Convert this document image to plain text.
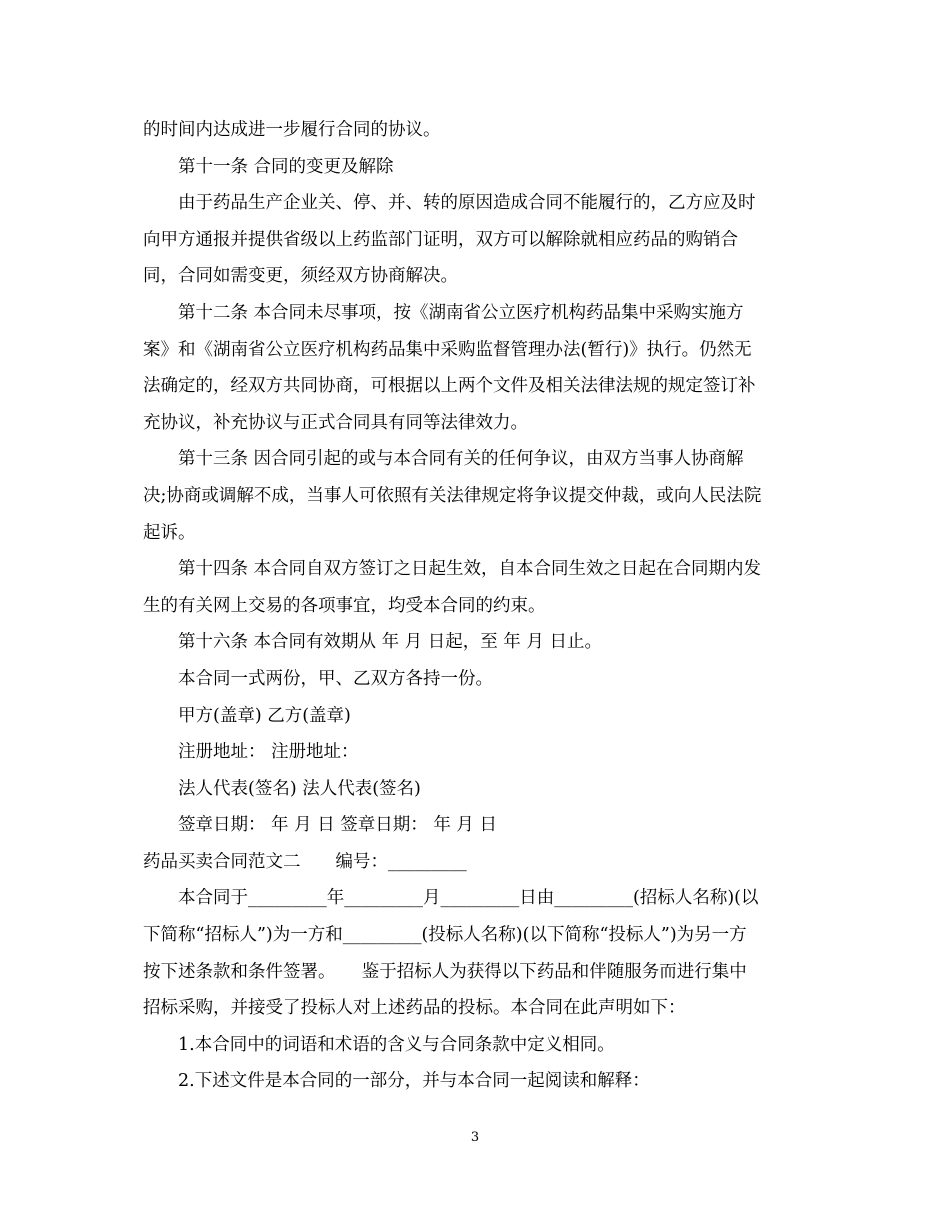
的时间内达成进一步履行合同的协议。
第十一条 合同的变更及解除
由于药品生产企业关、停、并、转的原因造成合同不能履行的，乙方应及时
向甲方通报并提供省级以上药监部门证明，双方可以解除就相应药品的购销合
同，合同如需变更，须经双方协商解决。
第十二条 本合同未尽事项，按《湖南省公立医疗机构药品集中采购实施方
案》和《湖南省公立医疗机构药品集中采购监督管理办法(暂行)》执行。仍然无
法确定的，经双方共同协商，可根据以上两个文件及相关法律法规的规定签订补
充协议，补充协议与正式合同具有同等法律效力。
第十三条 因合同引起的或与本合同有关的任何争议，由双方当事人协商解
决;协商或调解不成，当事人可依照有关法律规定将争议提交仲裁，或向人民法院
起诉。
第十四条 本合同自双方签订之日起生效，自本合同生效之日起在合同期内发
生的有关网上交易的各项事宜，均受本合同的约束。
第十六条 本合同有效期从 年 月 日起，至 年 月 日止。
本合同一式两份，甲、乙双方各持一份。
甲方(盖章) 乙方(盖章)
注册地址： 注册地址：
法人代表(签名) 法人代表(签名)
签章日期： 年 月 日 签章日期： 年 月 日
药品买卖合同范文二　　编号：_________
本合同于_________年_________月_________日由_________(招标人名称)(以
下简称“招标人”)为一方和_________(投标人名称)(以下简称“投标人”)为另一方
按下述条款和条件签署。　　鉴于招标人为获得以下药品和伴随服务而进行集中
招标采购，并接受了投标人对上述药品的投标。本合同在此声明如下：
1.本合同中的词语和术语的含义与合同条款中定义相同。
2.下述文件是本合同的一部分，并与本合同一起阅读和解释：
3
